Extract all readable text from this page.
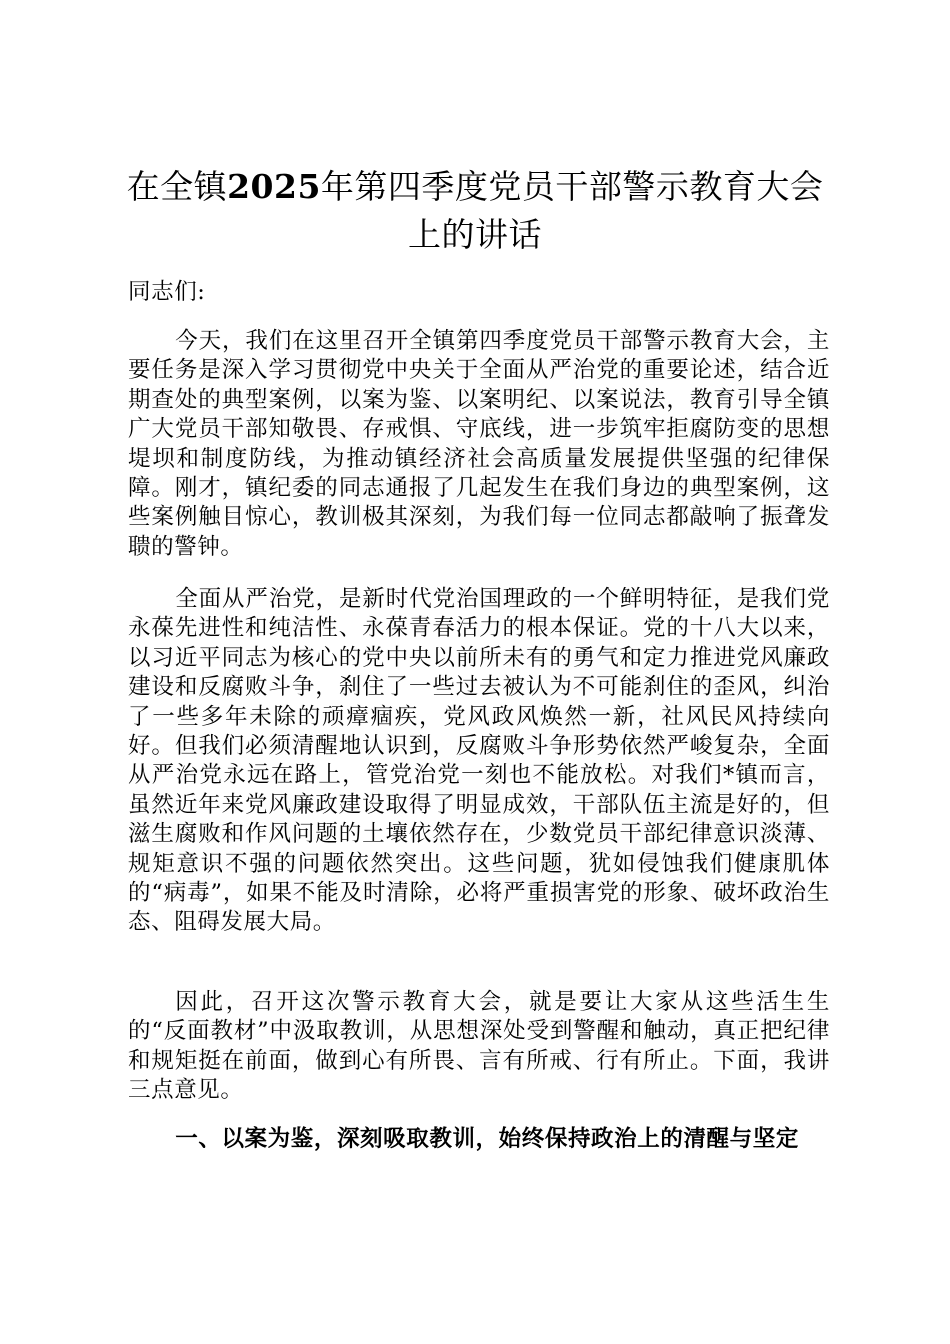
在全镇2025年第四季度党员干部警示教育大会上的讲话
同志们:
今天，我们在这里召开全镇第四季度党员干部警示教育大会，主要任务是深入学习贯彻党中央关于全面从严治党的重要论述，结合近期查处的典型案例，以案为鉴、以案明纪、以案说法，教育引导全镇广大党员干部知敬畏、存戒惧、守底线，进一步筑牢拒腐防变的思想堤坝和制度防线，为推动镇经济社会高质量发展提供坚强的纪律保障。刚才，镇纪委的同志通报了几起发生在我们身边的典型案例，这些案例触目惊心，教训极其深刻，为我们每一位同志都敲响了振聋发聩的警钟。
全面从严治党，是新时代党治国理政的一个鲜明特征，是我们党永葆先进性和纯洁性、永葆青春活力的根本保证。党的十八大以来，以习近平同志为核心的党中央以前所未有的勇气和定力推进党风廉政建设和反腐败斗争，刹住了一些过去被认为不可能刹住的歪风，纠治了一些多年未除的顽瘴痼疾，党风政风焕然一新，社风民风持续向好。但我们必须清醒地认识到，反腐败斗争形势依然严峻复杂，全面从严治党永远在路上，管党治党一刻也不能放松。对我们*镇而言，虽然近年来党风廉政建设取得了明显成效，干部队伍主流是好的，但滋生腐败和作风问题的土壤依然存在，少数党员干部纪律意识淡薄、规矩意识不强的问题依然突出。这些问题，犹如侵蚀我们健康肌体的“病毒”，如果不能及时清除，必将严重损害党的形象、破坏政治生态、阻碍发展大局。
因此，召开这次警示教育大会，就是要让大家从这些活生生的“反面教材”中汲取教训，从思想深处受到警醒和触动，真正把纪律和规矩挺在前面，做到心有所畏、言有所戒、行有所止。下面，我讲三点意见。
一、以案为鉴，深刻吸取教训，始终保持政治上的清醒与坚定
